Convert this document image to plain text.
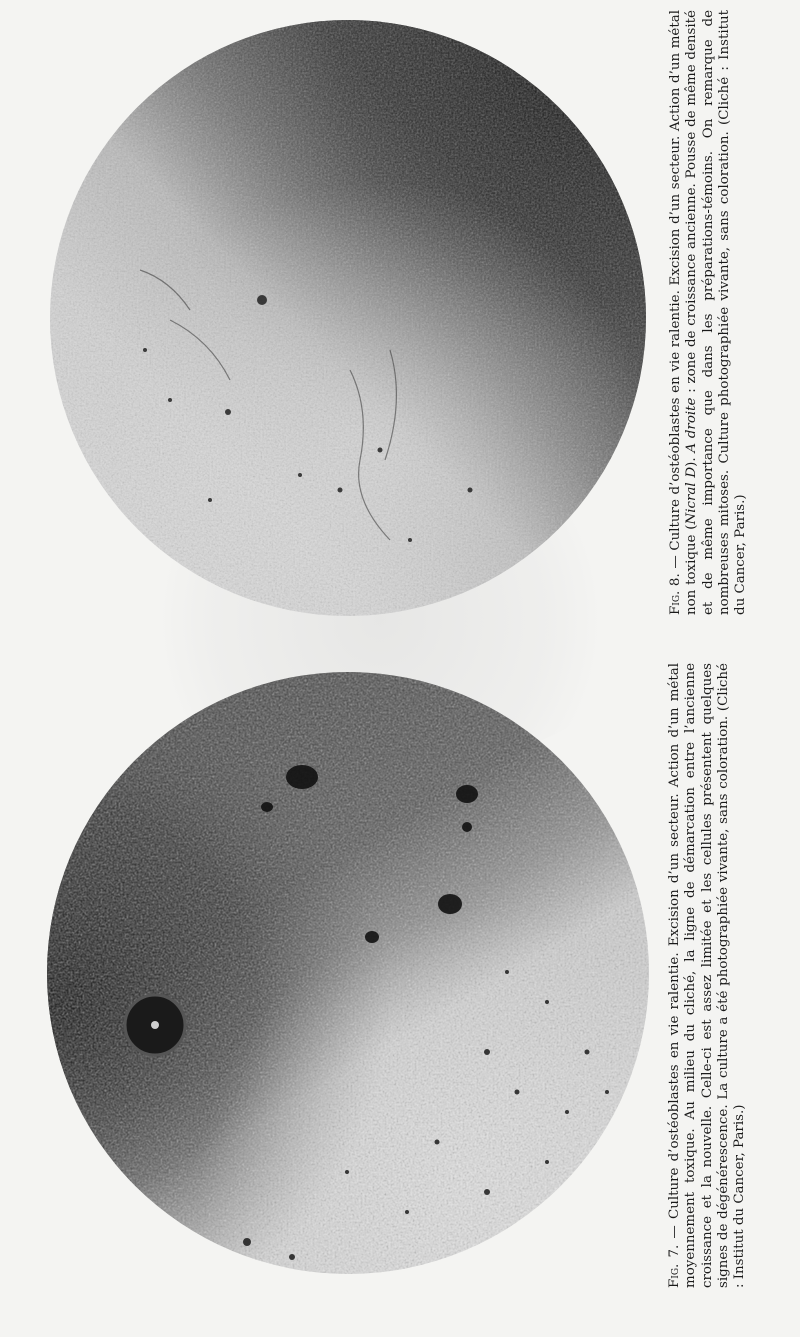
Fig. 8. — Culture d’ostéoblastes en vie ralentie. Excision d’un secteur. Action d’un métal non toxique (Nicral D). A droite : zone de croissance ancienne. Pousse de même densité et de même importance que dans les préparations-témoins. On remarque de nombreuses mitoses. Culture photographiée vivante, sans coloration. (Cliché : Institut du Cancer, Paris.)
Fig. 7. — Culture d’ostéoblastes en vie ralentie. Excision d’un secteur. Action d’un métal moyennement toxique. Au milieu du cliché, la ligne de démarcation entre l’ancienne croissance et la nouvelle. Celle-ci est assez limitée et les cellules présentent quelques signes de dégénérescence. La culture a été photographiée vivante, sans coloration. (Cliché : Institut du Cancer, Paris.)
